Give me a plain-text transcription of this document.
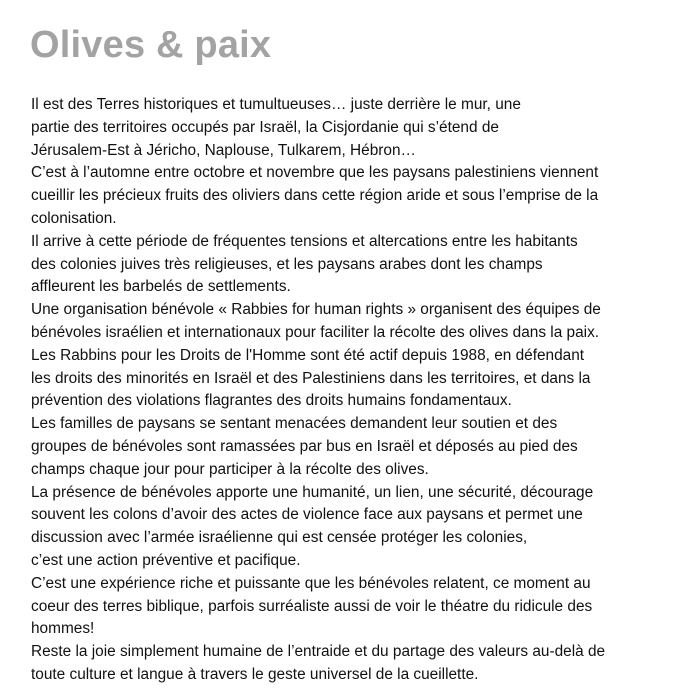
Olives & paix
Il est des Terres historiques et tumultueuses… juste derrière le mur, une
partie des territoires occupés par Israël, la Cisjordanie qui s’étend de
Jérusalem-Est à Jéricho, Naplouse, Tulkarem, Hébron…
C’est à l’automne entre octobre et novembre que les paysans palestiniens viennent
cueillir les précieux fruits des oliviers dans cette région aride et sous l’emprise de la
colonisation.
Il arrive à cette période de fréquentes tensions et altercations entre les habitants
des colonies juives très religieuses, et les paysans arabes dont les champs
affleurent les barbelés de settlements.
Une organisation bénévole « Rabbies for human rights » organisent des équipes de
bénévoles israélien et internationaux pour faciliter la récolte des olives dans la paix.
Les Rabbins pour les Droits de l'Homme sont été actif depuis 1988, en défendant
les droits des minorités en Israël et des Palestiniens dans les territoires, et dans la
prévention des violations flagrantes des droits humains fondamentaux.
Les familles de paysans se sentant menacées demandent leur soutien et des
groupes de bénévoles sont ramassées par bus en Israël et déposés au pied des
champs chaque jour pour participer à la récolte des olives.
La présence de bénévoles apporte une humanité, un lien, une sécurité, décourage
souvent les colons d’avoir des actes de violence face aux paysans et permet une
discussion avec l’armée israélienne qui est censée protéger les colonies,
c’est une action préventive et pacifique.
C’est une expérience riche et puissante que les bénévoles relatent, ce moment au
coeur des terres biblique, parfois surréaliste aussi de voir le théatre du ridicule des
hommes!
Reste la joie simplement humaine de l’entraide et du partage des valeurs au-delà de
toute culture et langue à travers le geste universel de la cueillette.
